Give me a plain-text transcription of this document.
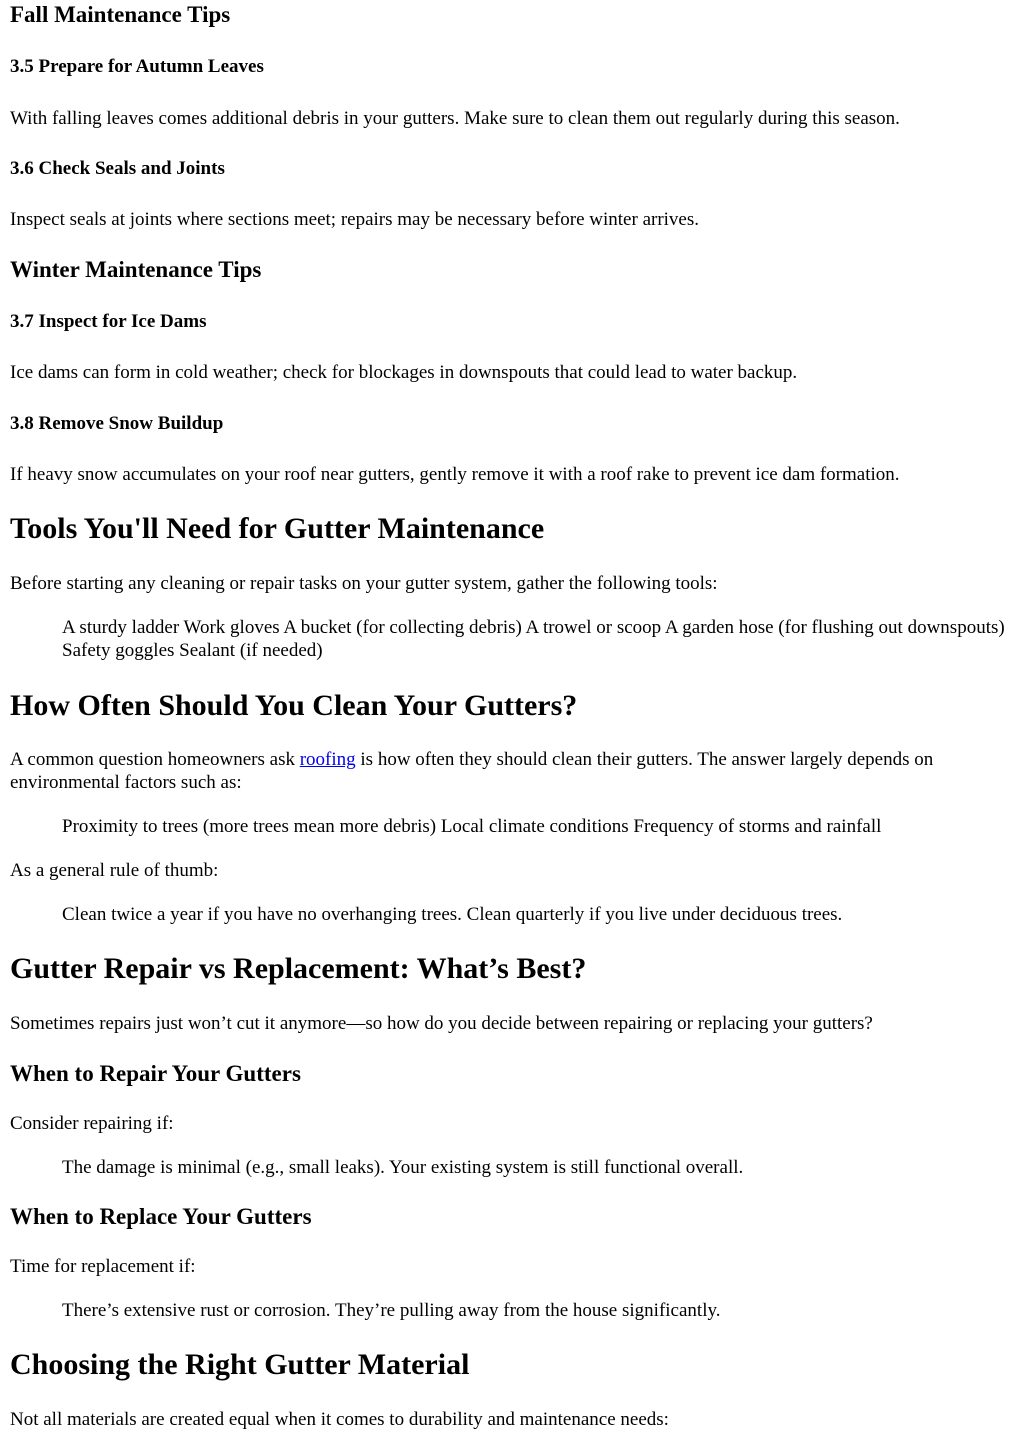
Fall Maintenance Tips
3.5 Prepare for Autumn Leaves

With falling leaves comes additional debris in your gutters. Make sure to clean them out regularly during this season.

3.6 Check Seals and Joints

Inspect seals at joints where sections meet; repairs may be necessary before winter arrives.

Winter Maintenance Tips
3.7 Inspect for Ice Dams

Ice dams can form in cold weather; check for blockages in downspouts that could lead to water backup.

3.8 Remove Snow Buildup

If heavy snow accumulates on your roof near gutters, gently remove it with a roof rake to prevent ice dam formation.

Tools You'll Need for Gutter Maintenance

Before starting any cleaning or repair tasks on your gutter system, gather the following tools:

A sturdy ladder Work gloves A bucket (for collecting debris) A trowel or scoop A garden hose (for flushing out downspouts) Safety goggles Sealant (if needed)

How Often Should You Clean Your Gutters?

A common question homeowners ask roofing is how often they should clean their gutters. The answer largely depends on environmental factors such as:

Proximity to trees (more trees mean more debris) Local climate conditions Frequency of storms and rainfall

As a general rule of thumb:

Clean twice a year if you have no overhanging trees. Clean quarterly if you live under deciduous trees.

Gutter Repair vs Replacement: What’s Best?

Sometimes repairs just won’t cut it anymore—so how do you decide between repairing or replacing your gutters?

When to Repair Your Gutters

Consider repairing if:

The damage is minimal (e.g., small leaks). Your existing system is still functional overall.

When to Replace Your Gutters

Time for replacement if:

There’s extensive rust or corrosion. They’re pulling away from the house significantly.

Choosing the Right Gutter Material

Not all materials are created equal when it comes to durability and maintenance needs:
